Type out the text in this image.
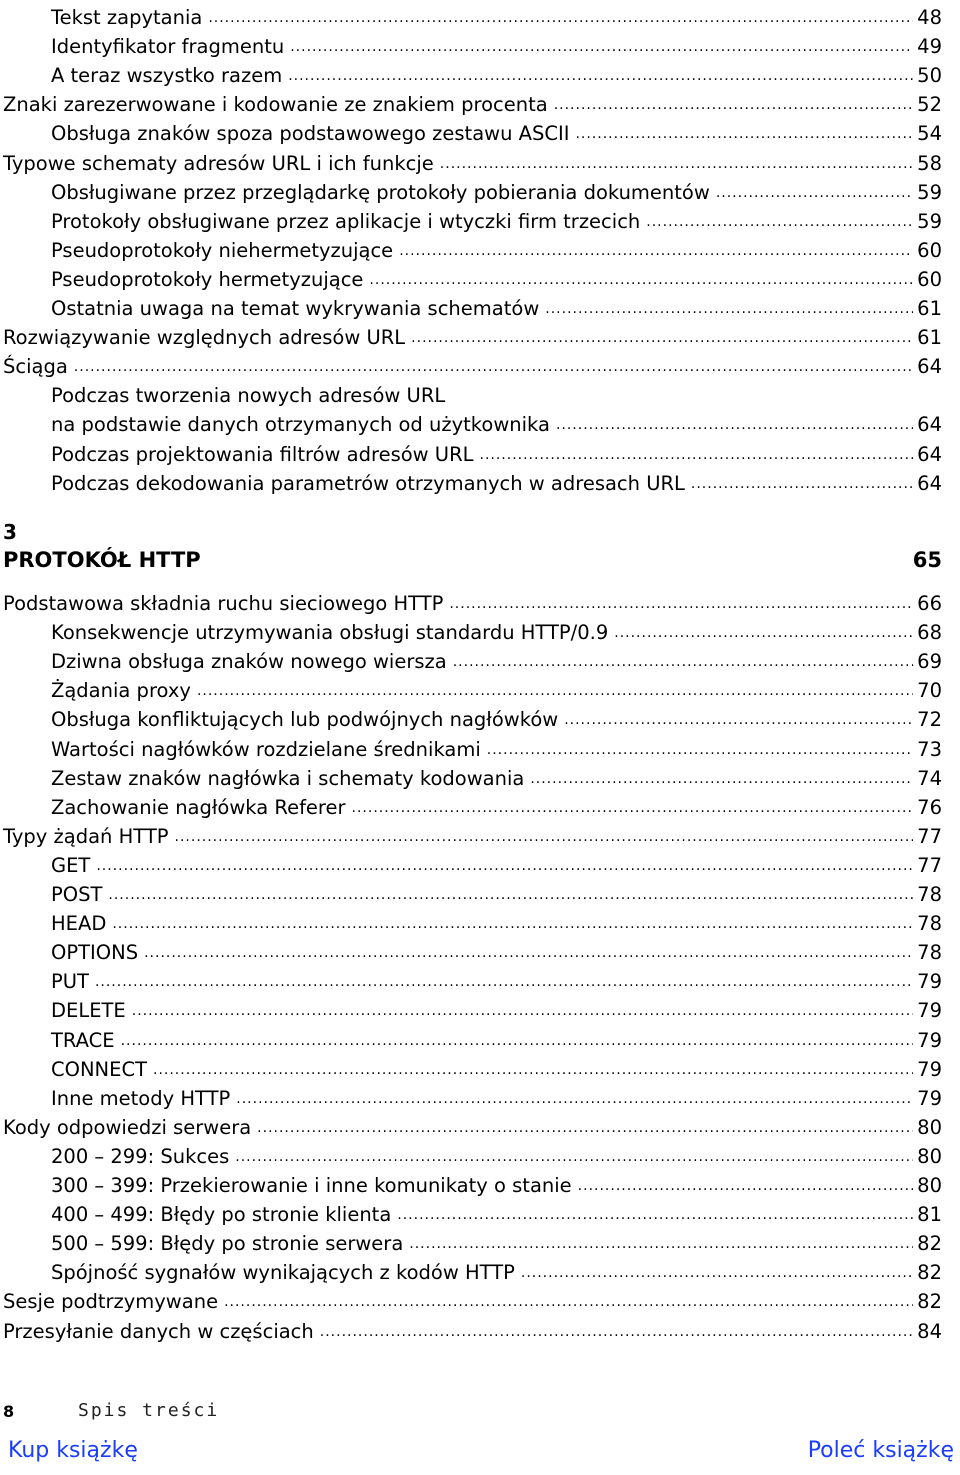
Tekst zapytania .....	48
Identyfikator fragmentu .....	49
A teraz wszystko razem .....	50
Znaki zarezerwowane i kodowanie ze znakiem procenta .....	52
Obsługa znaków spoza podstawowego zestawu ASCII .....	54
Typowe schematy adresów URL i ich funkcje .....	58
Obsługiwane przez przeglądarkę protokoły pobierania dokumentów .....	59
Protokoły obsługiwane przez aplikacje i wtyczki firm trzecich .....	59
Pseudoprotokoły niehermetyzujące .....	60
Pseudoprotokoły hermetyzujące .....	60
Ostatnia uwaga na temat wykrywania schematów .....	61
Rozwiązywanie względnych adresów URL .....	61
Ściąga .....	64
Podczas tworzenia nowych adresów URL
na podstawie danych otrzymanych od użytkownika .....	64
Podczas projektowania filtrów adresów URL .....	64
Podczas dekodowania parametrów otrzymanych w adresach URL .....	64
Podstawowa składnia ruchu sieciowego HTTP .....	66
Konsekwencje utrzymywania obsługi standardu HTTP/0.9 .....	68
Dziwna obsługa znaków nowego wiersza .....	69
Żądania proxy .....	70
Obsługa konfliktujących lub podwójnych nagłówków .....	72
Wartości nagłówków rozdzielane średnikami .....	73
Zestaw znaków nagłówka i schematy kodowania .....	74
Zachowanie nagłówka Referer .....	76
Typy żądań HTTP .....	77
GET .....	77
POST .....	78
HEAD .....	78
OPTIONS .....	78
PUT .....	79
DELETE .....	79
TRACE .....	79
CONNECT .....	79
Inne metody HTTP .....	79
Kody odpowiedzi serwera .....	80
200 – 299: Sukces .....	80
300 – 399: Przekierowanie i inne komunikaty o stanie .....	80
400 – 499: Błędy po stronie klienta .....	81
500 – 599: Błędy po stronie serwera .....	82
Spójność sygnałów wynikających z kodów HTTP .....	82
Sesje podtrzymywane .....	82
Przesyłanie danych w częściach .....	84
3
PROTOKÓŁ HTTP	65
8	Spis treści
Kup książkę	Poleć książkę
